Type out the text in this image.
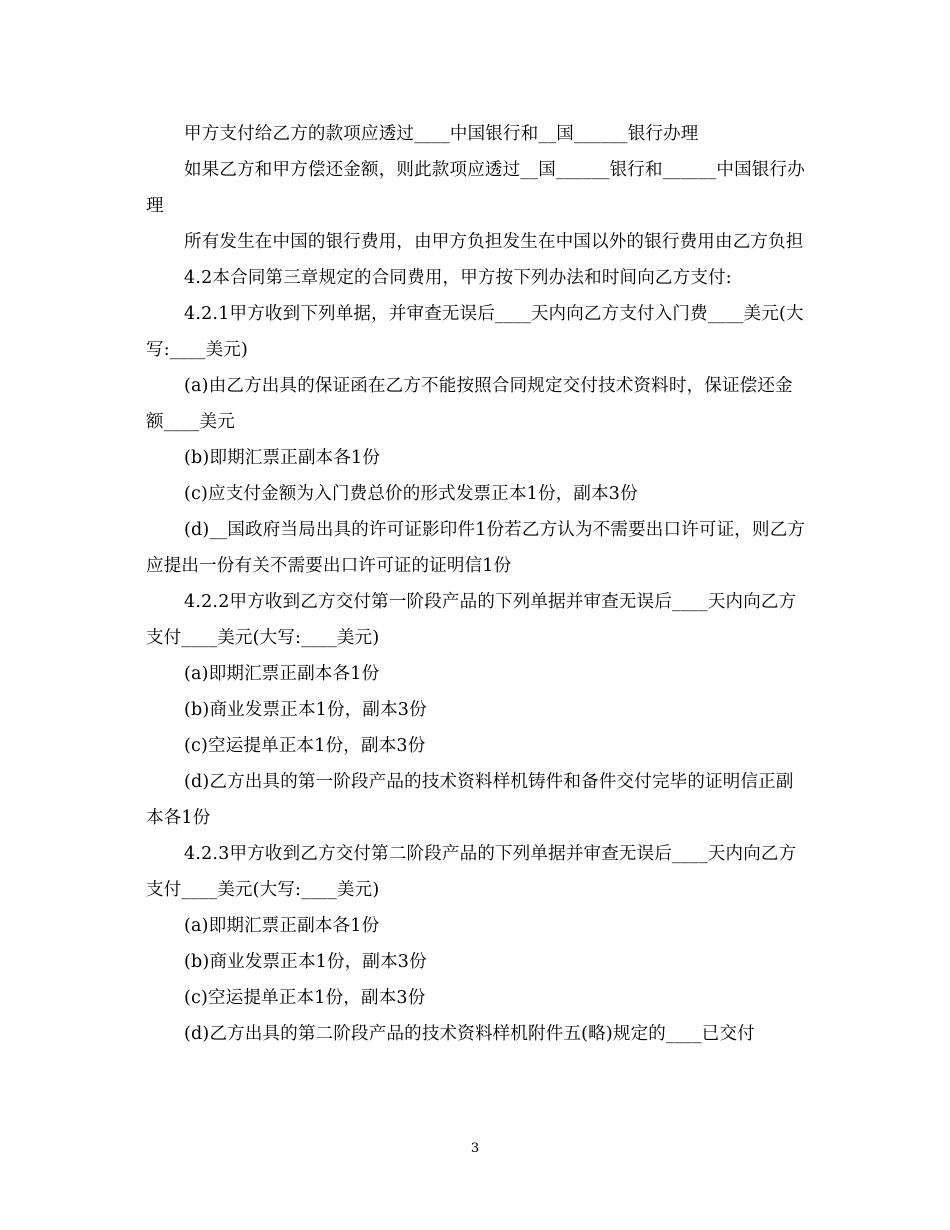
甲方支付给乙方的款项应透过____中国银行和__国______银行办理

如果乙方和甲方偿还金额，则此款项应透过__国______银行和______中国银行办理

所有发生在中国的银行费用，由甲方负担发生在中国以外的银行费用由乙方负担

4.2本合同第三章规定的合同费用，甲方按下列办法和时间向乙方支付:

4.2.1甲方收到下列单据，并审查无误后____天内向乙方支付入门费____美元(大写:____美元)

(a)由乙方出具的保证函在乙方不能按照合同规定交付技术资料时，保证偿还金额____美元

(b)即期汇票正副本各1份

(c)应支付金额为入门费总价的形式发票正本1份，副本3份

(d)__国政府当局出具的许可证影印件1份若乙方认为不需要出口许可证，则乙方应提出一份有关不需要出口许可证的证明信1份

4.2.2甲方收到乙方交付第一阶段产品的下列单据并审查无误后____天内向乙方支付____美元(大写:____美元)

(a)即期汇票正副本各1份

(b)商业发票正本1份，副本3份

(c)空运提单正本1份，副本3份

(d)乙方出具的第一阶段产品的技术资料样机铸件和备件交付完毕的证明信正副本各1份

4.2.3甲方收到乙方交付第二阶段产品的下列单据并审查无误后____天内向乙方支付____美元(大写:____美元)

(a)即期汇票正副本各1份

(b)商业发票正本1份，副本3份

(c)空运提单正本1份，副本3份

(d)乙方出具的第二阶段产品的技术资料样机附件五(略)规定的____已交付

3
